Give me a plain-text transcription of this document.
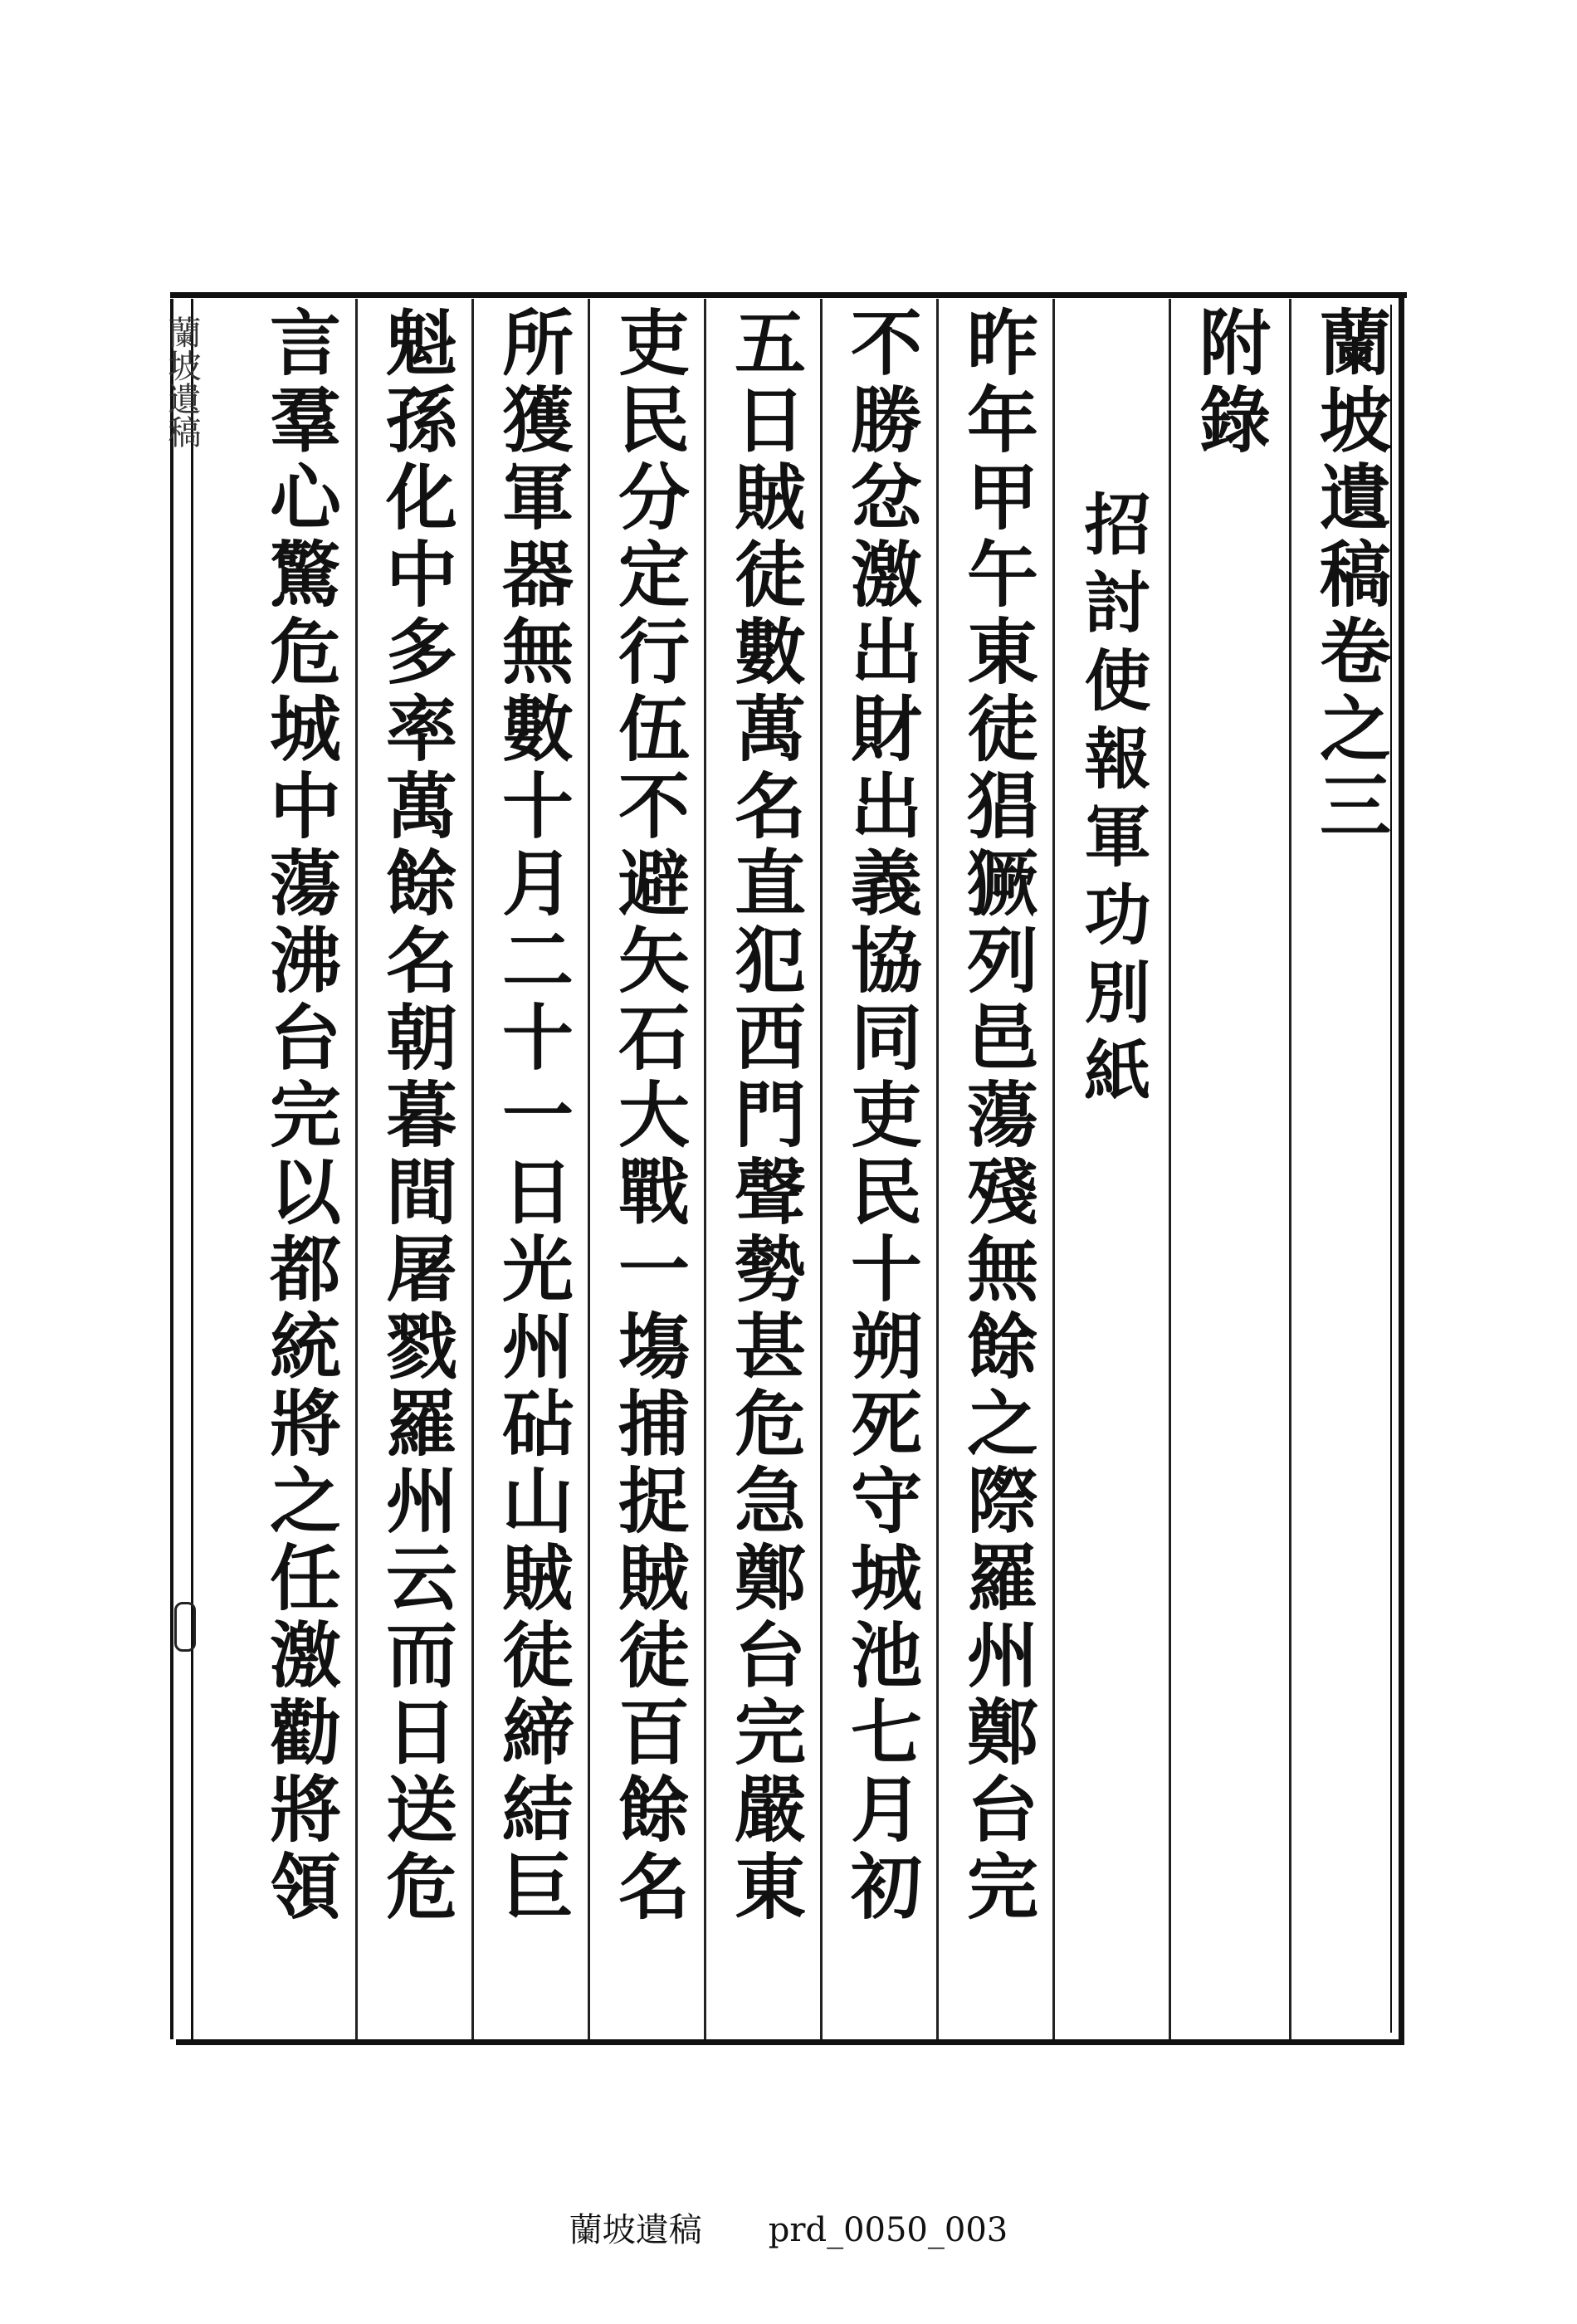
蘭坡遺稿	蘭坡遺稿卷之三
附錄
招討使報軍功別紙
昨年甲午東徒猖獗列邑蕩殘無餘之際羅州鄭台完
不勝忿激出財出義協同吏民十朔死守城池七月初
五日賊徒數萬名直犯西門聲勢甚危急鄭台完嚴東
吏民分定行伍不避矢石大戰一塲捕捉賊徒百餘名
所獲軍器無數十月二十一日光州砧山賊徒締結巨
魁孫化中多率萬餘名朝暮間屠戮羅州云而日送危
言羣心驚危城中蕩沸台完以都統將之任激勸將領
蘭坡遺稿 prd_0050_003
